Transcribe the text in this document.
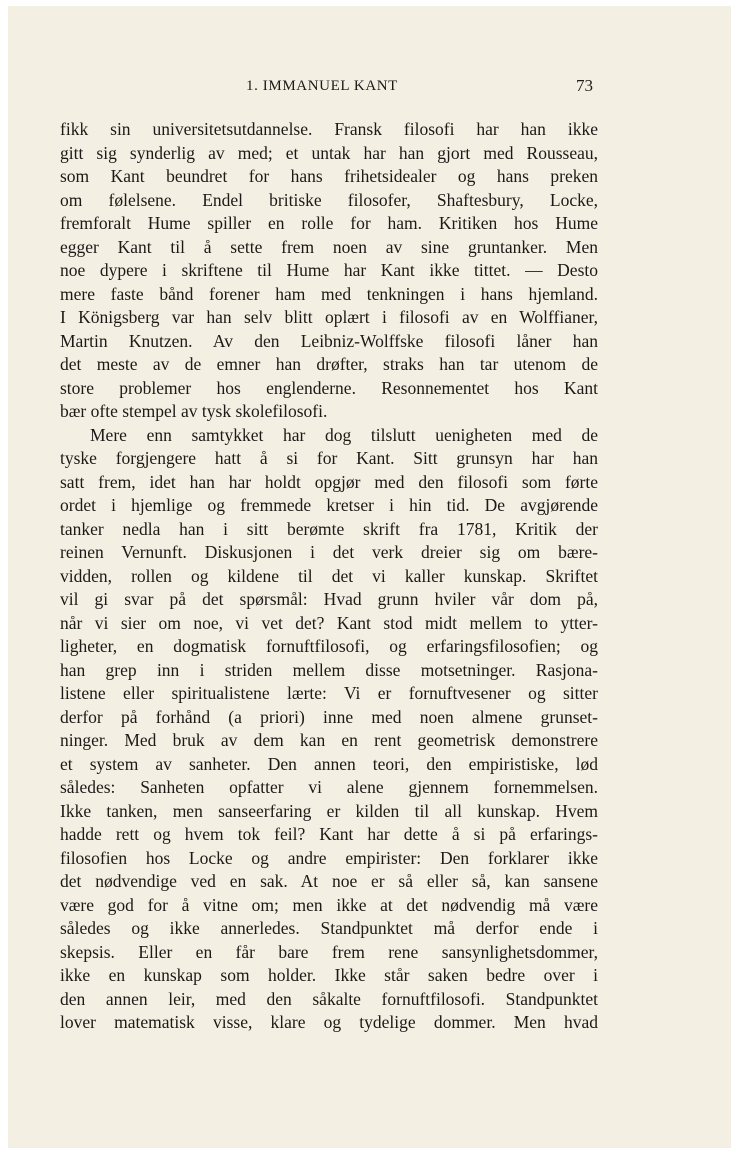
1. IMMANUEL KANT	73
fikk sin universitetsutdannelse. Fransk filosofi har han ikke
gitt sig synderlig av med; et untak har han gjort med Rousseau,
som Kant beundret for hans frihetsidealer og hans preken
om følelsene. Endel britiske filosofer, Shaftesbury, Locke,
fremforalt Hume spiller en rolle for ham. Kritiken hos Hume
egger Kant til å sette frem noen av sine gruntanker. Men
noe dypere i skriftene til Hume har Kant ikke tittet. — Desto
mere faste bånd forener ham med tenkningen i hans hjemland.
I Königsberg var han selv blitt oplært i filosofi av en Wolffianer,
Martin Knutzen. Av den Leibniz-Wolffske filosofi låner han
det meste av de emner han drøfter, straks han tar utenom de
store problemer hos englenderne. Resonnementet hos Kant
bær ofte stempel av tysk skolefilosofi.
Mere enn samtykket har dog tilslutt uenigheten med de
tyske forgjengere hatt å si for Kant. Sitt grunsyn har han
satt frem, idet han har holdt opgjør med den filosofi som førte
ordet i hjemlige og fremmede kretser i hin tid. De avgjørende
tanker nedla han i sitt berømte skrift fra 1781, Kritik der
reinen Vernunft. Diskusjonen i det verk dreier sig om bære-
vidden, rollen og kildene til det vi kaller kunskap. Skriftet
vil gi svar på det spørsmål: Hvad grunn hviler vår dom på,
når vi sier om noe, vi vet det? Kant stod midt mellem to ytter-
ligheter, en dogmatisk fornuftfilosofi, og erfaringsfilosofien; og
han grep inn i striden mellem disse motsetninger. Rasjona-
listene eller spiritualistene lærte: Vi er fornuftvesener og sitter
derfor på forhånd (a priori) inne med noen almene grunset-
ninger. Med bruk av dem kan en rent geometrisk demonstrere
et system av sanheter. Den annen teori, den empiristiske, lød
således: Sanheten opfatter vi alene gjennem fornemmelsen.
Ikke tanken, men sanseerfaring er kilden til all kunskap. Hvem
hadde rett og hvem tok feil? Kant har dette å si på erfarings-
filosofien hos Locke og andre empirister: Den forklarer ikke
det nødvendige ved en sak. At noe er så eller så, kan sansene
være god for å vitne om; men ikke at det nødvendig må være
således og ikke annerledes. Standpunktet må derfor ende i
skepsis. Eller en får bare frem rene sansynlighetsdommer,
ikke en kunskap som holder. Ikke står saken bedre over i
den annen leir, med den såkalte fornuftfilosofi. Standpunktet
lover matematisk visse, klare og tydelige dommer. Men hvad
